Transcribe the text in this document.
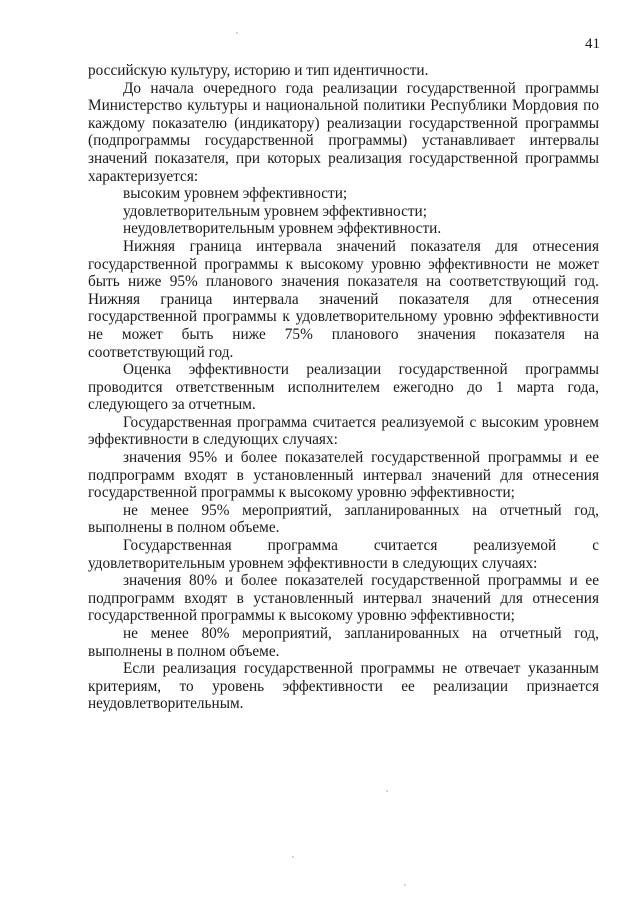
41
российскую культуру, историю и тип идентичности.
До начала очередного года реализации государственной программы
Министерство культуры и национальной политики Республики Мордовия по
каждому показателю (индикатору) реализации государственной программы
(подпрограммы государственной программы) устанавливает интервалы
значений показателя, при которых реализация государственной программы
характеризуется:
высоким уровнем эффективности;
удовлетворительным уровнем эффективности;
неудовлетворительным уровнем эффективности.
Нижняя граница интервала значений показателя для отнесения
государственной программы к высокому уровню эффективности не может
быть ниже 95% планового значения показателя на соответствующий год.
Нижняя граница интервала значений показателя для отнесения
государственной программы к удовлетворительному уровню эффективности
не может быть ниже 75% планового значения показателя на
соответствующий год.
Оценка эффективности реализации государственной программы
проводится ответственным исполнителем ежегодно до 1 марта года,
следующего за отчетным.
Государственная программа считается реализуемой с высоким уровнем
эффективности в следующих случаях:
значения 95% и более показателей государственной программы и ее
подпрограмм входят в установленный интервал значений для отнесения
государственной программы к высокому уровню эффективности;
не менее 95% мероприятий, запланированных на отчетный год,
выполнены в полном объеме.
Государственная программа считается реализуемой с
удовлетворительным уровнем эффективности в следующих случаях:
значения 80% и более показателей государственной программы и ее
подпрограмм входят в установленный интервал значений для отнесения
государственной программы к высокому уровню эффективности;
не менее 80% мероприятий, запланированных на отчетный год,
выполнены в полном объеме.
Если реализация государственной программы не отвечает указанным
критериям, то уровень эффективности ее реализации признается
неудовлетворительным.
